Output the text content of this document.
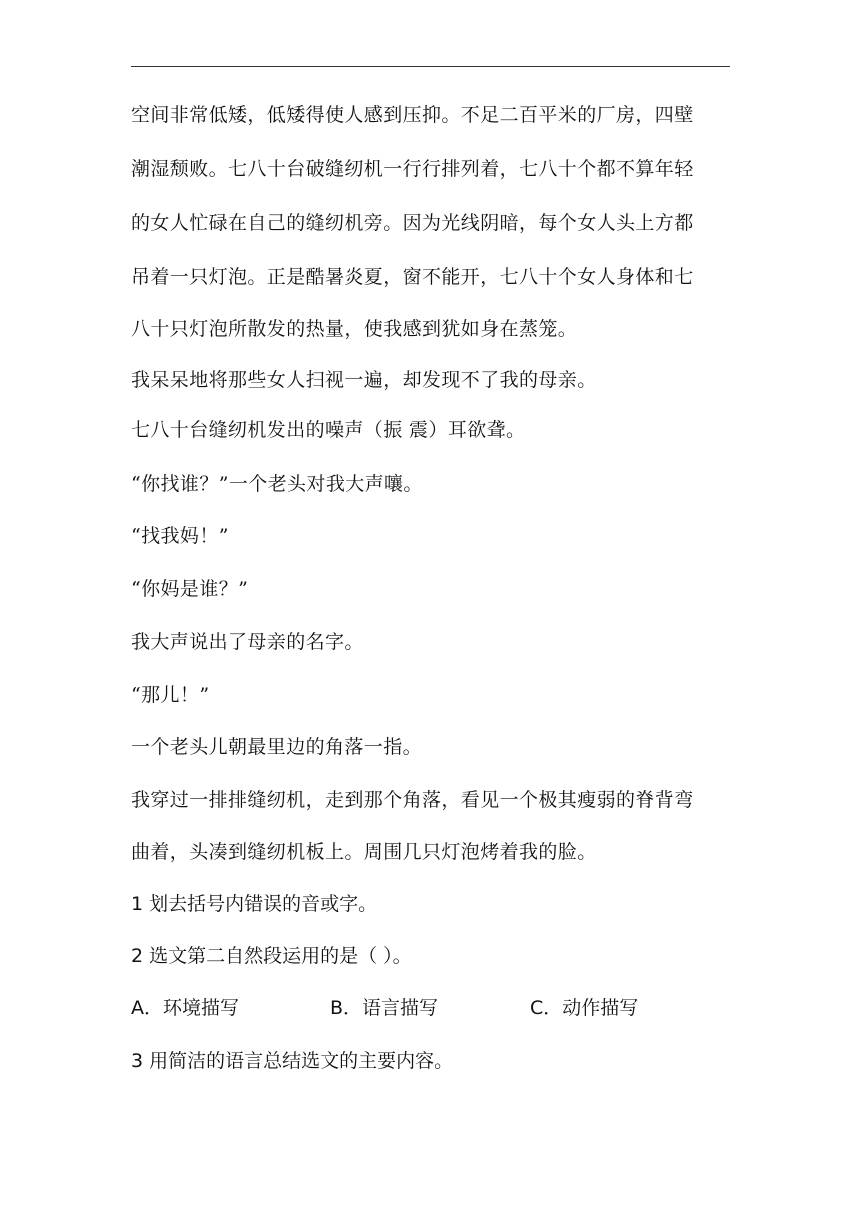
空间非常低矮，低矮得使人感到压抑。不足二百平米的厂房，四壁
潮湿颓败。七八十台破缝纫机一行行排列着，七八十个都不算年轻
的女人忙碌在自己的缝纫机旁。因为光线阴暗，每个女人头上方都
吊着一只灯泡。正是酷暑炎夏，窗不能开，七八十个女人身体和七
八十只灯泡所散发的热量，使我感到犹如身在蒸笼。
我呆呆地将那些女人扫视一遍，却发现不了我的母亲。
七八十台缝纫机发出的噪声（振 震）耳欲聋。
“你找谁？”一个老头对我大声嚷。
“找我妈！”
“你妈是谁？”
我大声说出了母亲的名字。
“那儿！”
一个老头儿朝最里边的角落一指。
我穿过一排排缝纫机，走到那个角落，看见一个极其瘦弱的脊背弯
曲着，头凑到缝纫机板上。周围几只灯泡烤着我的脸。
1 划去括号内错误的音或字。
2 选文第二自然段运用的是（ ）。
A．环境描写	B．语言描写	C．动作描写
3 用简洁的语言总结选文的主要内容。
